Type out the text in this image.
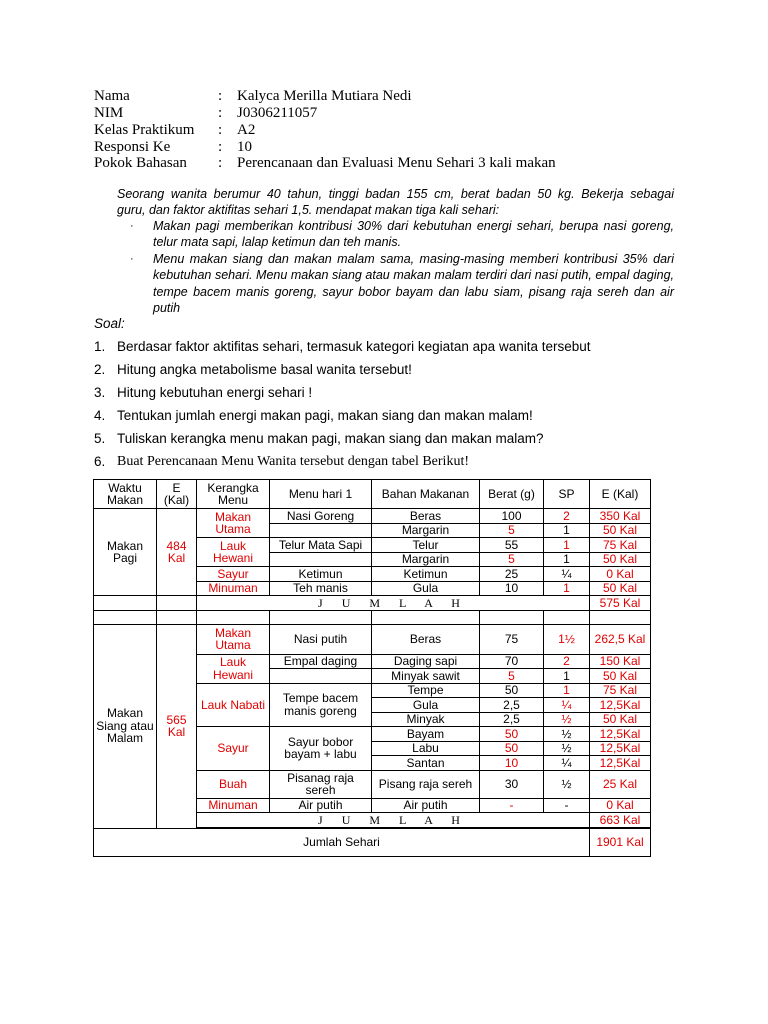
Nama	: Kalyca Merilla Mutiara Nedi
NIM	: J0306211057
Kelas Praktikum : A2
Responsi Ke	: 10
Pokok Bahasan : Perencanaan dan Evaluasi Menu Sehari 3 kali makan

Seorang wanita berumur 40 tahun, tinggi badan 155 cm, berat badan 50 kg. Bekerja sebagai

guru, dan faktor aktifitas sehari 1,5. mendapat makan tiga kali sehari:

· Makan pagi memberikan kontribusi 30% dari kebutuhan energi sehari, berupa nasi goreng, telur mata sapi, lalap ketimun dan teh manis.
· Menu makan siang dan makan malam sama, masing-masing memberi kontribusi 35% dari kebutuhan sehari. Menu makan siang atau makan malam terdiri dari nasi putih, empal daging, tempe bacem manis goreng, sayur bobor bayam dan labu siam, pisang raja sereh dan air putih
Soal:
1. Berdasar faktor aktifitas sehari, termasuk kategori kegiatan apa wanita tersebut
2. Hitung angka metabolisme basal wanita tersebut!
3. Hitung kebutuhan energi sehari !
4. Tentukan jumlah energi makan pagi, makan siang dan makan malam!
5. Tuliskan kerangka menu makan pagi, makan siang dan makan malam?
6. Buat Perencanaan Menu Wanita tersebut dengan tabel Berikut!
Waktu Makan	E (Kal)	Kerangka Menu	Menu hari 1	Bahan Makanan	Berat (g)	SP	E (Kal)
Makan Pagi	484 Kal	Makan Utama	Nasi Goreng	Beras	100	2	350 Kal
				Margarin	5	1	50 Kal
		Lauk Hewani	Telur Mata Sapi	Telur	55	1	75 Kal
				Margarin	5	1	50 Kal
		Sayur	Ketimun	Ketimun	25	¼	0 Kal
		Minuman	Teh manis	Gula	10	1	50 Kal
		J U M L A H					575 Kal

Makan Siang atau Malam	565 Kal	Makan Utama	Nasi putih	Beras	75	1½	262,5 Kal
		Lauk Hewani	Empal daging	Daging sapi	70	2	150 Kal
				Minyak sawit	5	1	50 Kal
		Lauk Nabati	Tempe bacem manis goreng	Tempe	50	1	75 Kal
				Gula	2,5	¼	12,5Kal
				Minyak	2,5	½	50 Kal
		Sayur	Sayur bobor bayam + labu	Bayam	50	½	12,5Kal
				Labu	50	½	12,5Kal
				Santan	10	¼	12,5Kal
		Buah	Pisanag raja sereh	Pisang raja sereh	30	½	25 Kal
		Minuman	Air putih	Air putih	-	-	0 Kal
		J U M L A H					663 Kal

Jumlah Sehari							1901 Kal
